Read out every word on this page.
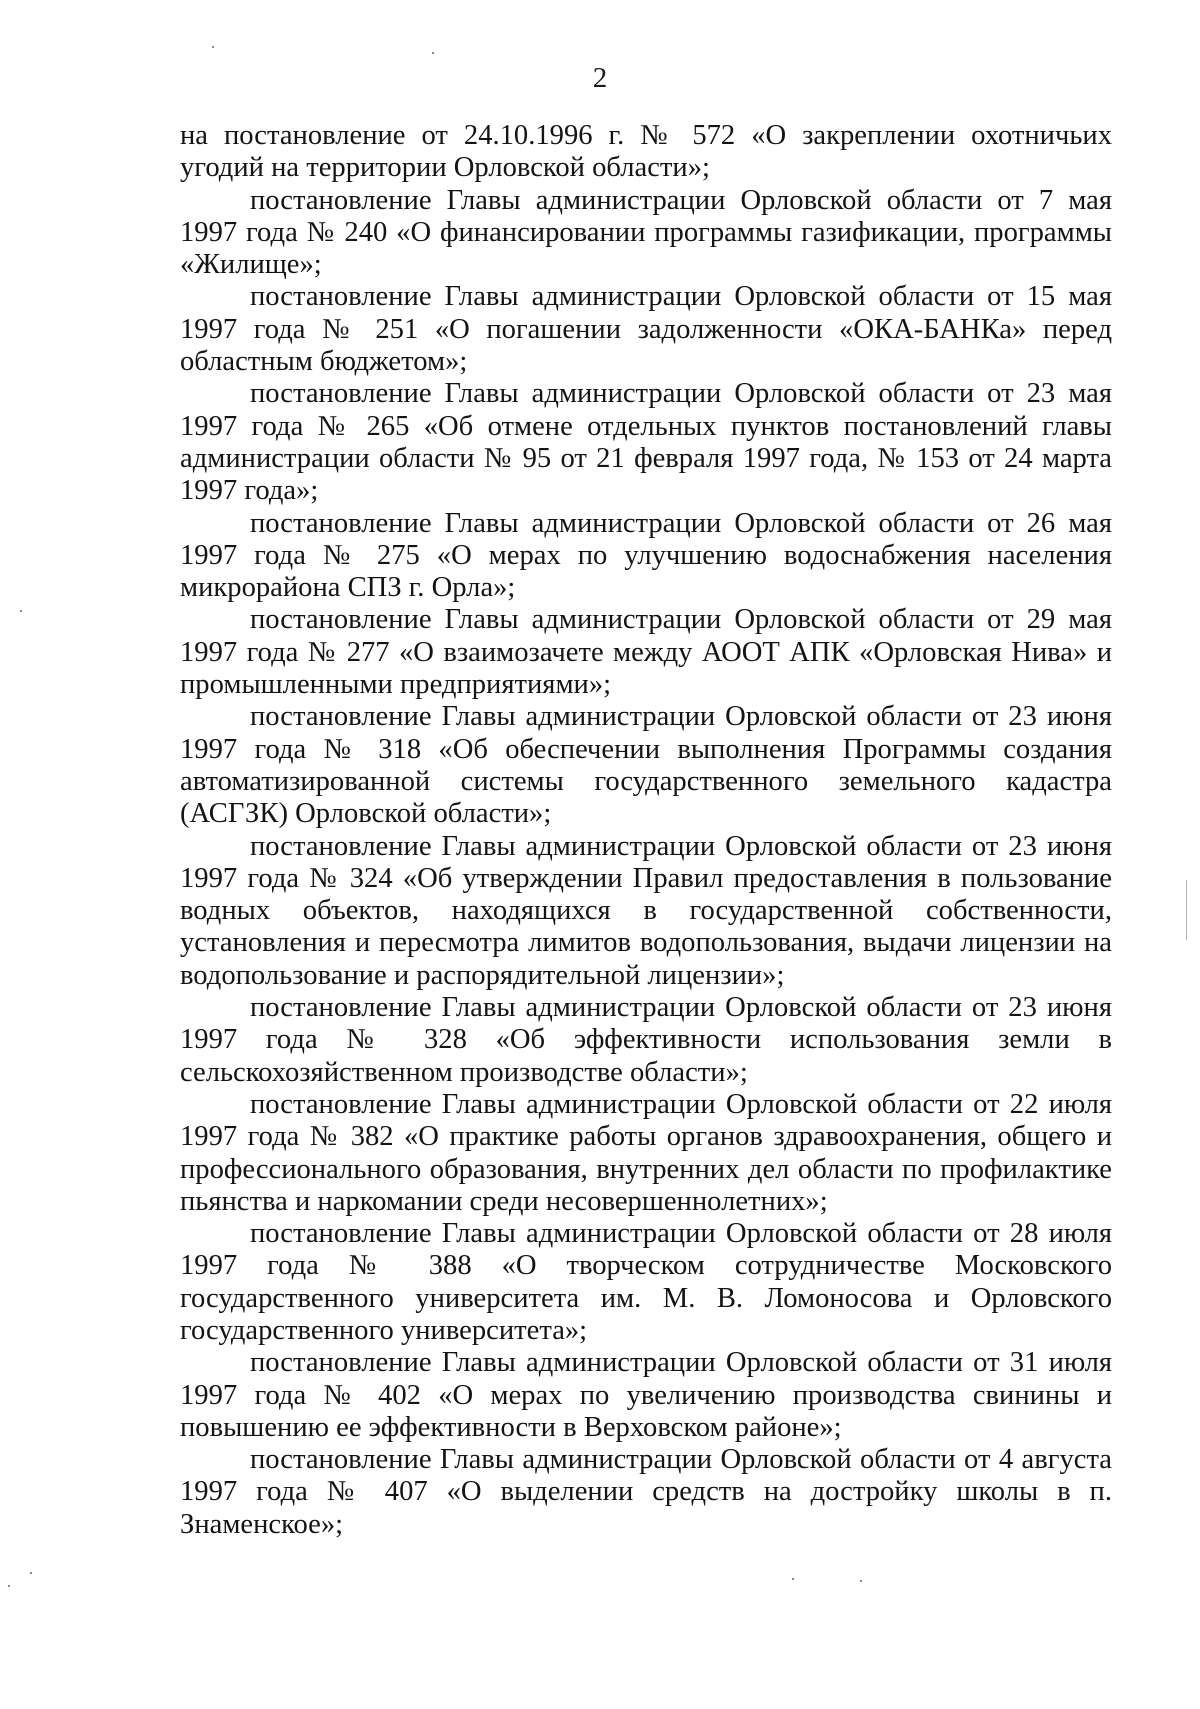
2

на постановление от 24.10.1996 г. № 572 «О закреплении охотничьих угодий на территории Орловской области»;

постановление Главы администрации Орловской области от 7 мая 1997 года № 240 «О финансировании программы газификации, программы «Жилище»;

постановление Главы администрации Орловской области от 15 мая 1997 года № 251 «О погашении задолженности «ОКА-БАНКа» перед областным бюджетом»;

постановление Главы администрации Орловской области от 23 мая 1997 года № 265 «Об отмене отдельных пунктов постановлений главы администрации области № 95 от 21 февраля 1997 года, № 153 от 24 марта 1997 года»;

постановление Главы администрации Орловской области от 26 мая 1997 года № 275 «О мерах по улучшению водоснабжения населения микрорайона СПЗ г. Орла»;

постановление Главы администрации Орловской области от 29 мая 1997 года № 277 «О взаимозачете между АООТ АПК «Орловская Нива» и промышленными предприятиями»;

постановление Главы администрации Орловской области от 23 июня 1997 года № 318 «Об обеспечении выполнения Программы создания автоматизированной системы государственного земельного кадастра (АСГЗК) Орловской области»;

постановление Главы администрации Орловской области от 23 июня 1997 года № 324 «Об утверждении Правил предоставления в пользование водных объектов, находящихся в государственной собственности, установления и пересмотра лимитов водопользования, выдачи лицензии на водопользование и распорядительной лицензии»;

постановление Главы администрации Орловской области от 23 июня 1997 года № 328 «Об эффективности использования земли в сельскохозяйственном производстве области»;

постановление Главы администрации Орловской области от 22 июля 1997 года № 382 «О практике работы органов здравоохранения, общего и профессионального образования, внутренних дел области по профилактике пьянства и наркомании среди несовершеннолетних»;

постановление Главы администрации Орловской области от 28 июля 1997 года № 388 «О творческом сотрудничестве Московского государственного университета им. М. В. Ломоносова и Орловского государственного университета»;

постановление Главы администрации Орловской области от 31 июля 1997 года № 402 «О мерах по увеличению производства свинины и повышению ее эффективности в Верховском районе»;

постановление Главы администрации Орловской области от 4 августа 1997 года № 407 «О выделении средств на достройку школы в п. Знаменское»;
